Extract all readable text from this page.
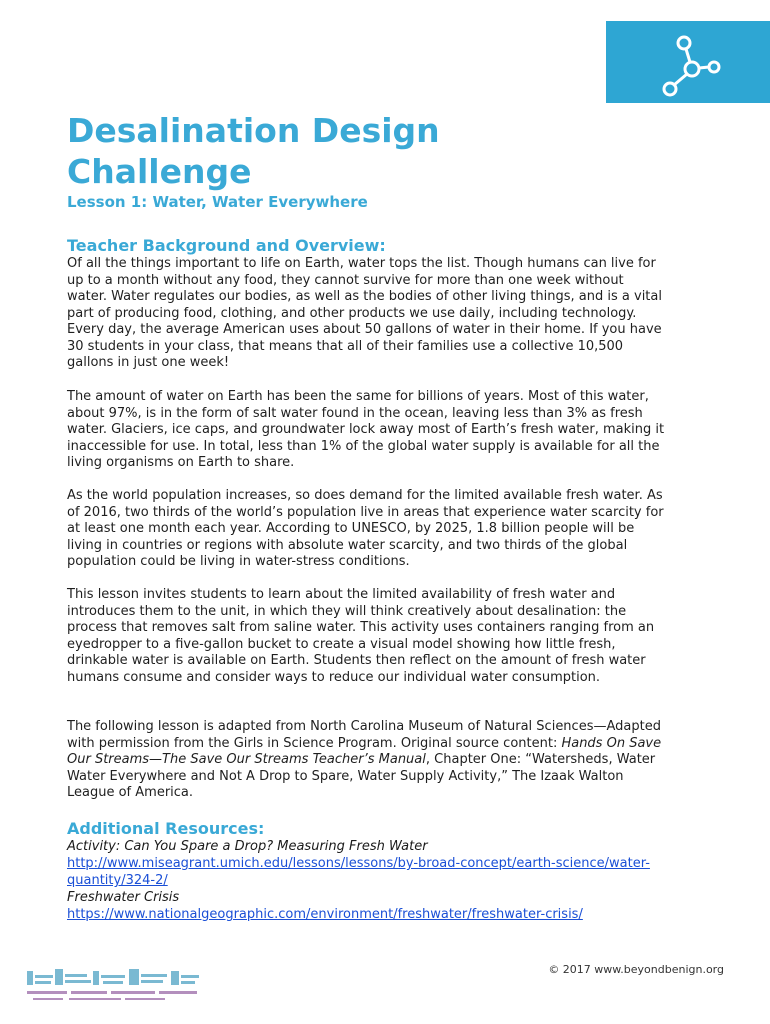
Desalination Design Challenge
Lesson 1: Water, Water Everywhere
Teacher Background and Overview:
Of all the things important to life on Earth, water tops the list. Though humans can live for up to a month without any food, they cannot survive for more than one week without water. Water regulates our bodies, as well as the bodies of other living things, and is a vital part of producing food, clothing, and other products we use daily, including technology. Every day, the average American uses about 50 gallons of water in their home. If you have 30 students in your class, that means that all of their families use a collective 10,500 gallons in just one week!
The amount of water on Earth has been the same for billions of years. Most of this water, about 97%, is in the form of salt water found in the ocean, leaving less than 3% as fresh water. Glaciers, ice caps, and groundwater lock away most of Earth’s fresh water, making it inaccessible for use. In total, less than 1% of the global water supply is available for all the living organisms on Earth to share.
As the world population increases, so does demand for the limited available fresh water. As of 2016, two thirds of the world’s population live in areas that experience water scarcity for at least one month each year. According to UNESCO, by 2025, 1.8 billion people will be living in countries or regions with absolute water scarcity, and two thirds of the global population could be living in water-stress conditions.
This lesson invites students to learn about the limited availability of fresh water and introduces them to the unit, in which they will think creatively about desalination: the process that removes salt from saline water. This activity uses containers ranging from an eyedropper to a five-gallon bucket to create a visual model showing how little fresh, drinkable water is available on Earth. Students then reflect on the amount of fresh water humans consume and consider ways to reduce our individual water consumption.
The following lesson is adapted from North Carolina Museum of Natural Sciences—Adapted with permission from the Girls in Science Program. Original source content: Hands On Save Our Streams—The Save Our Streams Teacher’s Manual, Chapter One: “Watersheds, Water Water Everywhere and Not A Drop to Spare, Water Supply Activity,” The Izaak Walton League of America.
Additional Resources:
Activity: Can You Spare a Drop? Measuring Fresh Water
http://www.miseagrant.umich.edu/lessons/lessons/by-broad-concept/earth-science/water-quantity/324-2/
Freshwater Crisis
https://www.nationalgeographic.com/environment/freshwater/freshwater-crisis/
© 2017 www.beyondbenign.org
